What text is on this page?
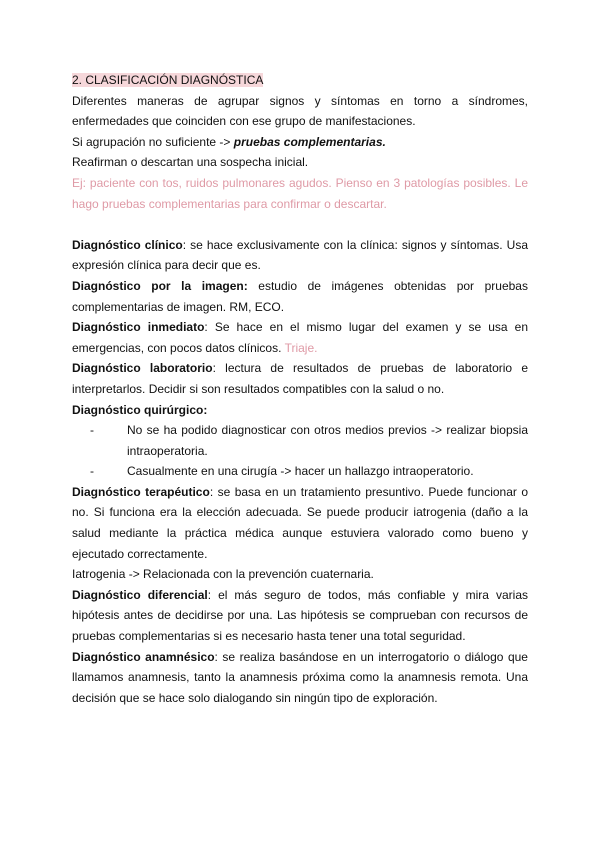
2. CLASIFICACIÓN DIAGNÓSTICA

Diferentes maneras de agrupar signos y síntomas en torno a síndromes, enfermedades que coinciden con ese grupo de manifestaciones.

Si agrupación no suficiente -> pruebas complementarias.

Reafirman o descartan una sospecha inicial.

Ej: paciente con tos, ruidos pulmonares agudos. Pienso en 3 patologías posibles. Le hago pruebas complementarias para confirmar o descartar.

Diagnóstico clínico: se hace exclusivamente con la clínica: signos y síntomas. Usa expresión clínica para decir que es.

Diagnóstico por la imagen: estudio de imágenes obtenidas por pruebas complementarias de imagen. RM, ECO.

Diagnóstico inmediato: Se hace en el mismo lugar del examen y se usa en emergencias, con pocos datos clínicos. Triaje.

Diagnóstico laboratorio: lectura de resultados de pruebas de laboratorio e interpretarlos. Decidir si son resultados compatibles con la salud o no.

Diagnóstico quirúrgico:

-	No se ha podido diagnosticar con otros medios previos -> realizar biopsia intraoperatoria.
-	Casualmente en una cirugía -> hacer un hallazgo intraoperatorio.

Diagnóstico terapéutico: se basa en un tratamiento presuntivo. Puede funcionar o no. Si funciona era la elección adecuada. Se puede producir iatrogenia (daño a la salud mediante la práctica médica aunque estuviera valorado como bueno y ejecutado correctamente.

Iatrogenia -> Relacionada con la prevención cuaternaria.

Diagnóstico diferencial: el más seguro de todos, más confiable y mira varias hipótesis antes de decidirse por una. Las hipótesis se comprueban con recursos de pruebas complementarias si es necesario hasta tener una total seguridad.

Diagnóstico anamnésico: se realiza basándose en un interrogatorio o diálogo que llamamos anamnesis, tanto la anamnesis próxima como la anamnesis remota. Una decisión que se hace solo dialogando sin ningún tipo de exploración.
